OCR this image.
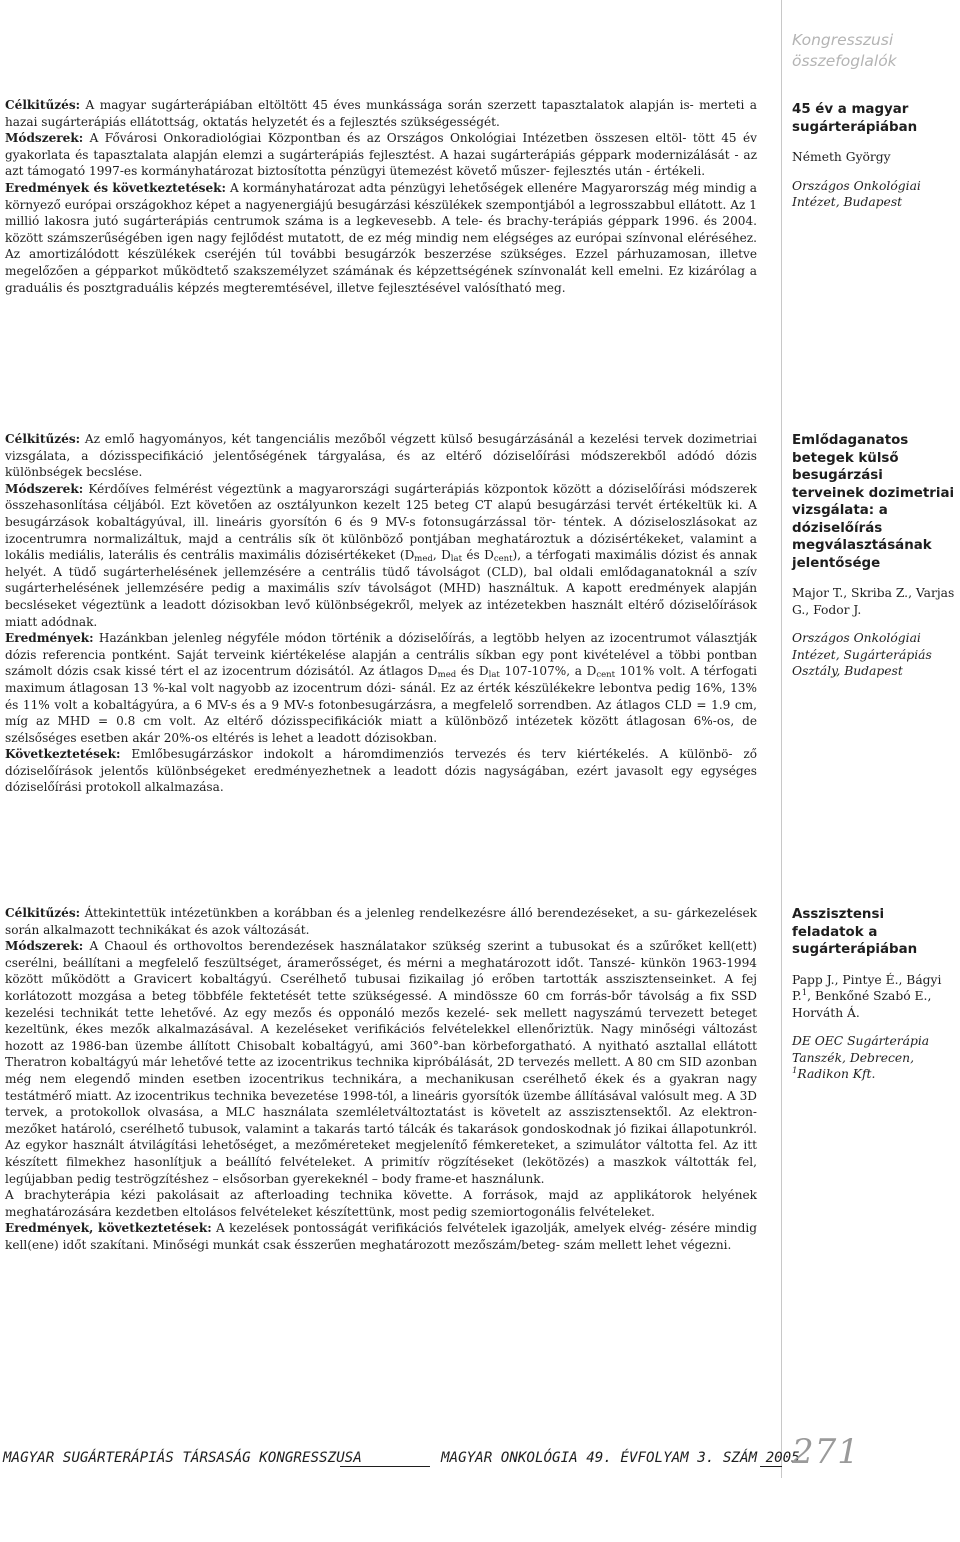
Kongresszusi
összefoglalók

Célkitűzés: A magyar sugárterápiában eltöltött 45 éves munkássága során szerzett tapasztalatok alapján is- merteti a hazai sugárterápiás ellátottság, oktatás helyzetét és a fejlesztés szükségességét.

Módszerek: A Fővárosi Onkoradiológiai Központban és az Országos Onkológiai Intézetben összesen eltöl- tött 45 év gyakorlata és tapasztalata alapján elemzi a sugárterápiás fejlesztést. A hazai sugárterápiás géppark modernizálását - az azt támogató 1997-es kormányhatározat biztosította pénzügyi ütemezést követő műszer- fejlesztés után - értékeli.

Eredmények és következtetések: A kormányhatározat adta pénzügyi lehetőségek ellenére Magyarország még mindig a környező európai országokhoz képet a nagyenergiájú besugárzási készülékek szempontjából a legrosszabbul ellátott. Az 1 millió lakosra jutó sugárterápiás centrumok száma is a legkevesebb. A tele- és brachy-terápiás géppark 1996. és 2004. között számszerűségében igen nagy fejlődést mutatott, de ez még mindig nem elégséges az európai színvonal eléréséhez. Az amortizálódott készülékek cseréjén túl további besugárzók beszerzése szükséges. Ezzel párhuzamosan, illetve megelőzően a gépparkot működtető szakszemélyzet számának és képzettségének színvonalát kell emelni. Ez kizárólag a graduális és posztgraduális képzés megteremtésével, illetve fejlesztésével valósítható meg.

45 év a magyar sugárterápiában

Németh György

Országos Onkológiai Intézet, Budapest

Célkitűzés: Az emlő hagyományos, két tangenciális mezőből végzett külső besugárzásánál a kezelési tervek dozimetriai vizsgálata, a dózisspecifikáció jelentőségének tárgyalása, és az eltérő dóziselőírási módszerekből adódó dózis különbségek becslése.

Módszerek: Kérdőíves felmérést végeztünk a magyarországi sugárterápiás központok között a dóziselőírási módszerek összehasonlítása céljából. Ezt követően az osztályunkon kezelt 125 beteg CT alapú besugárzási tervét értékeltük ki. A besugárzások kobaltágyúval, ill. lineáris gyorsítón 6 és 9 MV-s fotonsugárzással tör- téntek. A dóziseloszlásokat az izocentrumra normalizáltuk, majd a centrális sík öt különböző pontjában meghatároztuk a dózisértékeket, valamint a lokális mediális, laterális és centrális maximális dózisértékeket ($D_{med}$, $D_{lat}$ és $D_{cent}$), a térfogati maximális dózist és annak helyét. A tüdő sugárterhelésének jellemzésére a centrális tüdő távolságot (CLD), bal oldali emlődaganatoknál a szív sugárterhelésének jellemzésére pedig a maximális szív távolságot (MHD) használtuk. A kapott eredmények alapján becsléseket végeztünk a leadott dózisokban levő különbségekről, melyek az intézetekben használt eltérő dóziselőírások miatt adódnak.

Eredmények: Hazánkban jelenleg négyféle módon történik a dóziselőírás, a legtöbb helyen az izocentrumot választják dózis referencia pontként. Saját terveink kiértékelése alapján a centrális síkban egy pont kivételével a többi pontban számolt dózis csak kissé tért el az izocentrum dózisától. Az átlagos $D_{med}$ és $D_{lat}$ 107-107%, a $D_{cent}$ 101% volt. A térfogati maximum átlagosan 13 %-kal volt nagyobb az izocentrum dózi- sánál. Ez az érték készülékekre lebontva pedig 16%, 13% és 11% volt a kobaltágyúra, a 6 MV-s és a 9 MV-s fotonbesugárzásra, a megfelelő sorrendben. Az átlagos CLD = 1.9 cm, míg az MHD = 0.8 cm volt. Az eltérő dózisspecifikációk miatt a különböző intézetek között átlagosan 6%-os, de szélsőséges esetben akár 20%-os eltérés is lehet a leadott dózisokban.

Következtetések: Emlőbesugárzáskor indokolt a háromdimenziós tervezés és terv kiértékelés. A különbö- ző dóziselőírások jelentős különbségeket eredményezhetnek a leadott dózis nagyságában, ezért javasolt egy egységes dóziselőírási protokoll alkalmazása.

Emlődaganatos betegek külső besugárzási terveinek dozimetriai vizsgálata: a dóziselőírás megválasztásának jelentősége

Major T., Skriba Z., Varjas G., Fodor J.

Országos Onkológiai Intézet, Sugárterápiás Osztály, Budapest

Célkitűzés: Áttekintettük intézetünkben a korábban és a jelenleg rendelkezésre álló berendezéseket, a su- gárkezelések során alkalmazott technikákat és azok változását.

Módszerek: A Chaoul és orthovoltos berendezések használatakor szükség szerint a tubusokat és a szűrőket kell(ett) cserélni, beállítani a megfelelő feszültséget, áramerősséget, és mérni a meghatározott időt. Tanszé- künkön 1963-1994 között működött a Gravicert kobaltágyú. Cserélhető tubusai fizikailag jó erőben tartották asszisztenseinket. A fej korlátozott mozgása a beteg többféle fektetését tette szükségessé. A mindössze 60 cm forrás-bőr távolság a fix SSD kezelési technikát tette lehetővé. Az egy mezős és opponáló mezős kezelé- sek mellett nagyszámú tervezett beteget kezeltünk, ékes mezők alkalmazásával. A kezeléseket verifikációs felvételekkel ellenőriztük. Nagy minőségi változást hozott az 1986-ban üzembe állított Chisobalt kobaltágyú, ami 360°-ban körbeforgatható. A nyitható asztallal ellátott Theratron kobaltágyú már lehetővé tette az izocentrikus technika kipróbálását, 2D tervezés mellett. A 80 cm SID azonban még nem elegendő minden esetben izocentrikus technikára, a mechanikusan cserélhető ékek és a gyakran nagy testátmérő miatt. Az izocentrikus technika bevezetése 1998-tól, a lineáris gyorsítók üzembe állításával valósult meg. A 3D tervek, a protokollok olvasása, a MLC használata szemléletváltoztatást is követelt az asszisztensektől. Az elektron- mezőket határoló, cserélhető tubusok, valamint a takarás tartó tálcák és takarások gondoskodnak jó fizikai állapotunkról. Az egykor használt átvilágítási lehetőséget, a mezőméreteket megjelenítő fémkereteket, a szimulátor váltotta fel. Az itt készített filmekhez hasonlítjuk a beállító felvételeket. A primitív rögzítéseket (lekötözés) a maszkok váltották fel, legújabban pedig teströgzítéshez – elsősorban gyerekeknél – body frame-et használunk.

A brachyterápia kézi pakolásait az afterloading technika követte. A források, majd az applikátorok helyének meghatározására kezdetben eltolásos felvételeket készítettünk, most pedig szemiortogonális felvételeket.

Eredmények, következtetések: A kezelések pontosságát verifikációs felvételek igazolják, amelyek elvég- zésére mindig kell(ene) időt szakítani. Minőségi munkát csak ésszerűen meghatározott mezőszám/beteg- szám mellett lehet végezni.

Asszisztensi feladatok a sugárterápiában

Papp J., Pintye É., Bágyi P.$^1$, Benkőné Szabó E., Horváth Á.

DE OEC Sugárterápia Tanszék, Debrecen, $^1$Radikon Kft.

MAGYAR SUGÁRTERÁPIÁS TÁRSASÁG KONGRESSZUSA	MAGYAR ONKOLÓGIA 49. ÉVFOLYAM 3. SZÁM 2005
271
